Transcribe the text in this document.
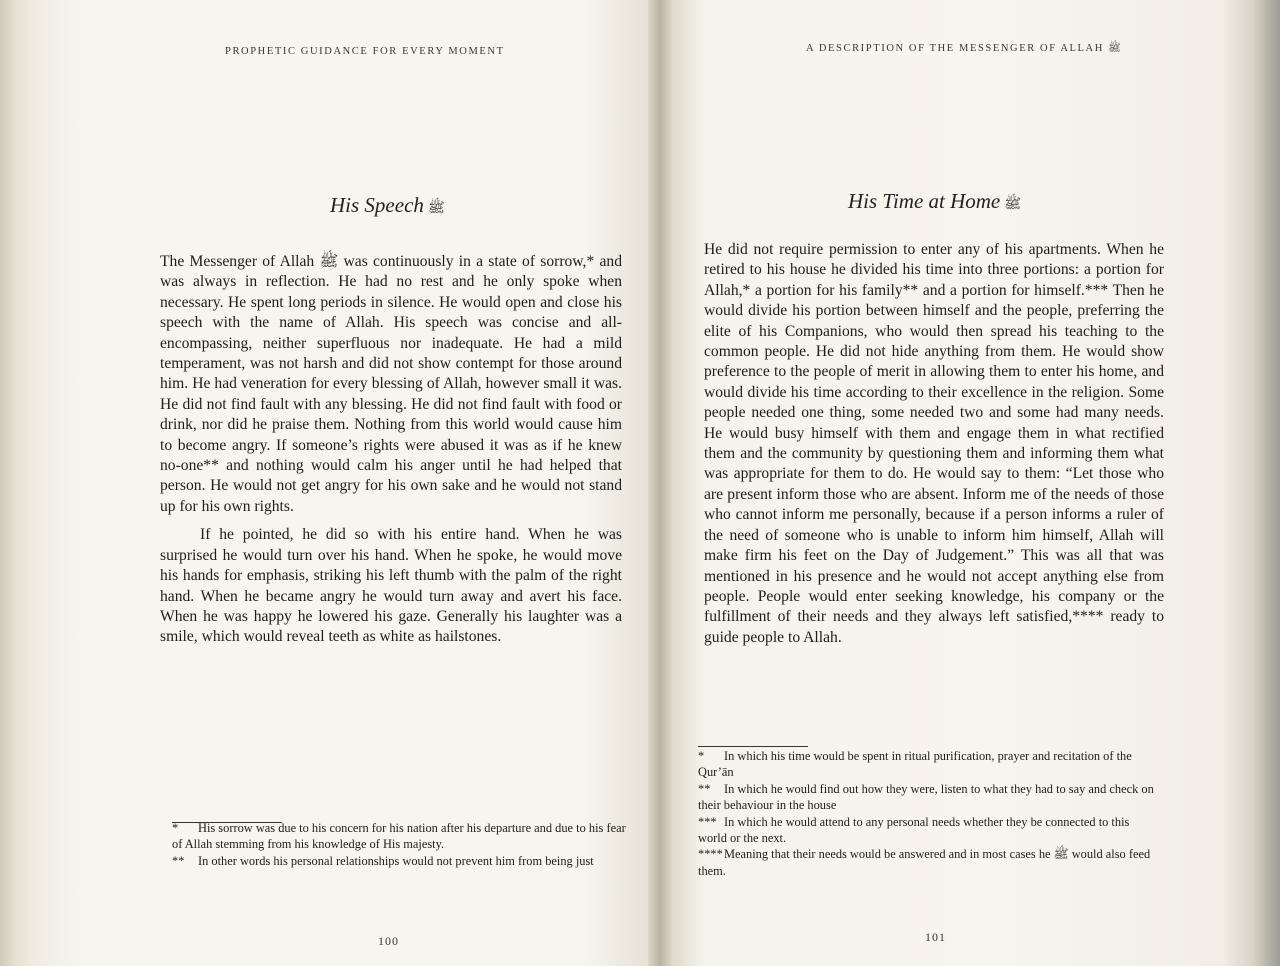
PROPHETIC GUIDANCE FOR EVERY MOMENT	A DESCRIPTION OF THE MESSENGER OF ALLAH ﷺ
His Speech ﷺ	His Time at Home ﷺ

The Messenger of Allah ﷺ was continuously in a state of sorrow,* and was always in reflection. He had no rest and he only spoke when necessary. He spent long periods in silence. He would open and close his speech with the name of Allah. His speech was concise and all-encompassing, neither superfluous nor inadequate. He had a mild temperament, was not harsh and did not show contempt for those around him. He had veneration for every blessing of Allah, however small it was. He did not find fault with any blessing. He did not find fault with food or drink, nor did he praise them. Nothing from this world would cause him to become angry. If someone’s rights were abused it was as if he knew no-one** and nothing would calm his anger until he had helped that person. He would not get angry for his own sake and he would not stand up for his own rights.

If he pointed, he did so with his entire hand. When he was surprised he would turn over his hand. When he spoke, he would move his hands for emphasis, striking his left thumb with the palm of the right hand. When he became angry he would turn away and avert his face. When he was happy he lowered his gaze. Generally his laughter was a smile, which would reveal teeth as white as hailstones.

He did not require permission to enter any of his apartments. When he retired to his house he divided his time into three portions: a portion for Allah,* a portion for his family** and a portion for himself.*** Then he would divide his portion between himself and the people, preferring the elite of his Companions, who would then spread his teaching to the common people. He did not hide anything from them. He would show preference to the people of merit in allowing them to enter his home, and would divide his time according to their excellence in the religion. Some people needed one thing, some needed two and some had many needs. He would busy himself with them and engage them in what rectified them and the community by questioning them and informing them what was appropriate for them to do. He would say to them: “Let those who are present inform those who are absent. Inform me of the needs of those who cannot inform me personally, because if a person informs a ruler of the need of someone who is unable to inform him himself, Allah will make firm his feet on the Day of Judgement.” This was all that was mentioned in his presence and he would not accept anything else from people. People would enter seeking knowledge, his company or the fulfillment of their needs and they always left satisfied,**** ready to guide people to Allah.

* His sorrow was due to his concern for his nation after his departure and due to his fear of Allah stemming from his knowledge of His majesty.

** In other words his personal relationships would not prevent him from being just

* In which his time would be spent in ritual purification, prayer and recitation of the Qur’ān

** In which he would find out how they were, listen to what they had to say and check on their behaviour in the house

*** In which he would attend to any personal needs whether they be connected to this world or the next.

****Meaning that their needs would be answered and in most cases he ﷺ would also feed them.

100	101
